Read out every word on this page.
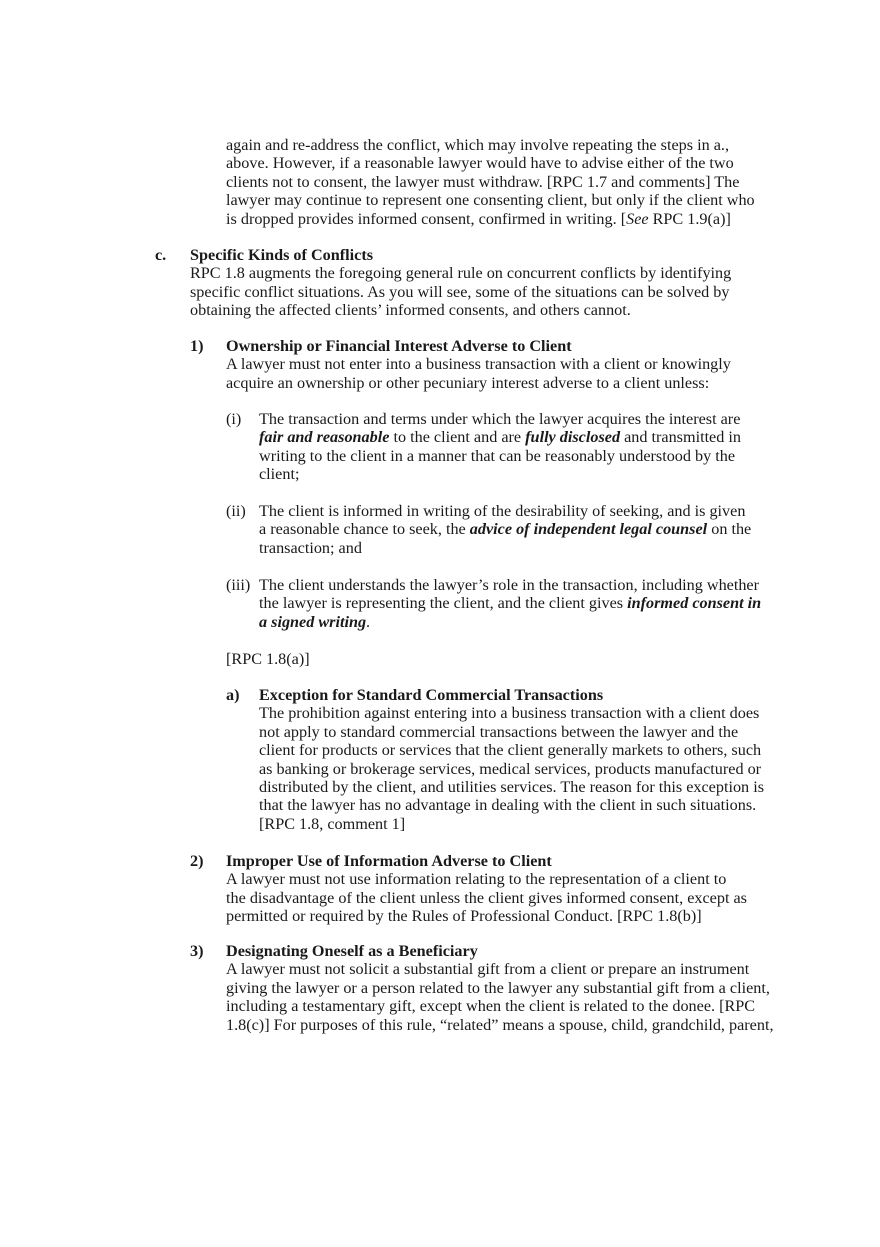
again and re-address the conflict, which may involve repeating the steps in a.,
above. However, if a reasonable lawyer would have to advise either of the two
clients not to consent, the lawyer must withdraw. [RPC 1.7 and comments] The
lawyer may continue to represent one consenting client, but only if the client who
is dropped provides informed consent, confirmed in writing. [See RPC 1.9(a)]
c. Specific Kinds of Conflicts
RPC 1.8 augments the foregoing general rule on concurrent conflicts by identifying
specific conflict situations. As you will see, some of the situations can be solved by
obtaining the affected clients’ informed consents, and others cannot.
1) Ownership or Financial Interest Adverse to Client
A lawyer must not enter into a business transaction with a client or knowingly
acquire an ownership or other pecuniary interest adverse to a client unless:
(i) The transaction and terms under which the lawyer acquires the interest are
fair and reasonable to the client and are fully disclosed and transmitted in
writing to the client in a manner that can be reasonably understood by the
client;
(ii) The client is informed in writing of the desirability of seeking, and is given
a reasonable chance to seek, the advice of independent legal counsel on the
transaction; and
(iii) The client understands the lawyer’s role in the transaction, including whether
the lawyer is representing the client, and the client gives informed consent in
a signed writing.
[RPC 1.8(a)]
a) Exception for Standard Commercial Transactions
The prohibition against entering into a business transaction with a client does
not apply to standard commercial transactions between the lawyer and the
client for products or services that the client generally markets to others, such
as banking or brokerage services, medical services, products manufactured or
distributed by the client, and utilities services. The reason for this exception is
that the lawyer has no advantage in dealing with the client in such situations.
[RPC 1.8, comment 1]
2) Improper Use of Information Adverse to Client
A lawyer must not use information relating to the representation of a client to
the disadvantage of the client unless the client gives informed consent, except as
permitted or required by the Rules of Professional Conduct. [RPC 1.8(b)]
3) Designating Oneself as a Beneficiary
A lawyer must not solicit a substantial gift from a client or prepare an instrument
giving the lawyer or a person related to the lawyer any substantial gift from a client,
including a testamentary gift, except when the client is related to the donee. [RPC
1.8(c)] For purposes of this rule, “related” means a spouse, child, grandchild, parent,
